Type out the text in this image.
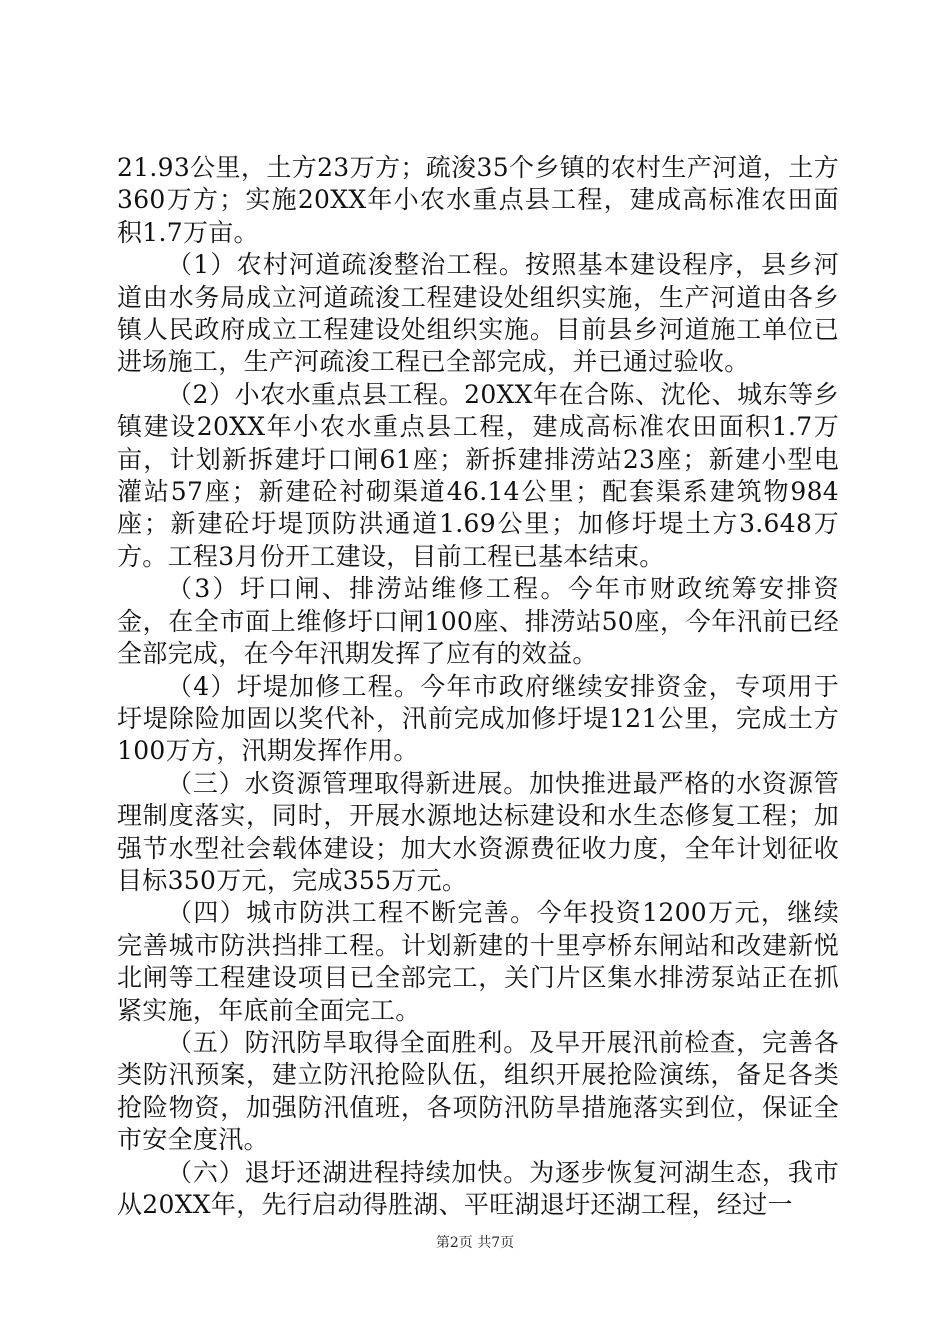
21.93公里，土方23万方；疏浚35个乡镇的农村生产河道，土方360万方；实施20XX年小农水重点县工程，建成高标准农田面积1.7万亩。

（1）农村河道疏浚整治工程。按照基本建设程序，县乡河道由水务局成立河道疏浚工程建设处组织实施，生产河道由各乡镇人民政府成立工程建设处组织实施。目前县乡河道施工单位已进场施工，生产河疏浚工程已全部完成，并已通过验收。

（2）小农水重点县工程。20XX年在合陈、沈伦、城东等乡镇建设20XX年小农水重点县工程，建成高标准农田面积1.7万亩，计划新拆建圩口闸61座；新拆建排涝站23座；新建小型电灌站57座；新建砼衬砌渠道46.14公里；配套渠系建筑物984座；新建砼圩堤顶防洪通道1.69公里；加修圩堤土方3.648万方。工程3月份开工建设，目前工程已基本结束。

（3）圩口闸、排涝站维修工程。今年市财政统筹安排资金，在全市面上维修圩口闸100座、排涝站50座，今年汛前已经全部完成，在今年汛期发挥了应有的效益。

（4）圩堤加修工程。今年市政府继续安排资金，专项用于圩堤除险加固以奖代补，汛前完成加修圩堤121公里，完成土方100万方，汛期发挥作用。

（三）水资源管理取得新进展。加快推进最严格的水资源管理制度落实，同时，开展水源地达标建设和水生态修复工程；加强节水型社会载体建设；加大水资源费征收力度，全年计划征收目标350万元，完成355万元。

（四）城市防洪工程不断完善。今年投资1200万元，继续完善城市防洪挡排工程。计划新建的十里亭桥东闸站和改建新悦北闸等工程建设项目已全部完工，关门片区集水排涝泵站正在抓紧实施，年底前全面完工。

（五）防汛防旱取得全面胜利。及早开展汛前检查，完善各类防汛预案，建立防汛抢险队伍，组织开展抢险演练，备足各类抢险物资，加强防汛值班，各项防汛防旱措施落实到位，保证全市安全度汛。

（六）退圩还湖进程持续加快。为逐步恢复河湖生态，我市从20XX年，先行启动得胜湖、平旺湖退圩还湖工程，经过一

第2页 共7页
